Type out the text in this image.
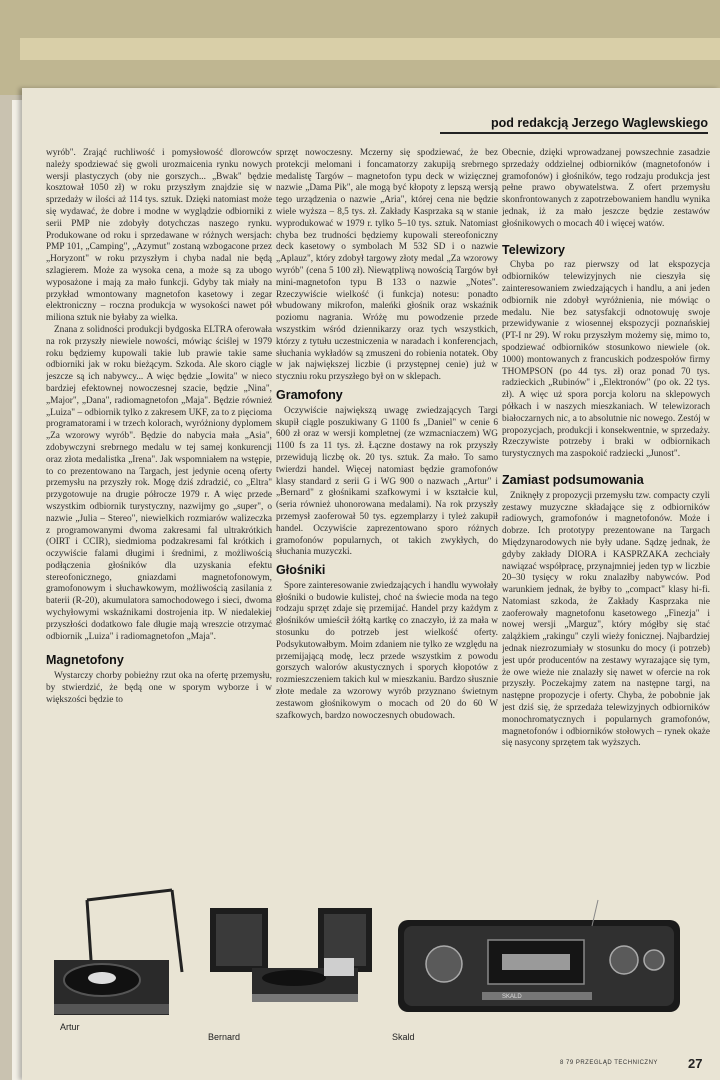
pod redakcją Jerzego Waglewskiego

wyrób". Zrająć ruchliwość i pomysłowość dlorowców należy spodziewać się gwoli urozmaicenia rynku nowych wersji plastyczych (oby nie gorszych... „Bwak" będzie kosztował 1050 zł) w roku przyszłym znajdzie się w sprzedaży w ilości aż 114 tys. sztuk. Dzięki natomiast może się wydawać, że dobre i modne w wyglądzie odbiorniki z serii PMP nie zdobyły dotychczas naszego rynku. Produkowane od roku i sprzedawane w różnych wersjach: PMP 101, „Camping", „Azymut" zostaną wzbogacone przez „Horyzont" w roku przyszłym i chyba nadal nie będą szlagierem. Może za wysoka cena, a może są za ubogo wyposażone i mają za mało funkcji. Gdyby tak miały na przykład wmontowany magnetofon kasetowy i zegar elektroniczny – roczna produkcja w wysokości nawet pół miliona sztuk nie byłaby za wielka.

Znana z solidności produkcji bydgoska ELTRA oferowała na rok przyszły niewiele nowości, mówiąc ściślej w 1979 roku będziemy kupowali takie lub prawie takie same odbiorniki jak w roku bieżącym. Szkoda. Ale skoro ciągle jeszcze są ich nabywcy... A więc będzie „Iowita" w nieco bardziej efektownej nowoczesnej szacie, będzie „Nina", „Major", „Dana", radiomagnetofon „Maja". Będzie również „Luiza" – odbiornik tylko z zakresem UKF, za to z pięcioma programatorami i w trzech kolorach, wyróżniony dyplomem „Za wzorowy wyrób". Będzie do nabycia mała „Asia", zdobywczyni srebrnego medalu w tej samej konkurencji oraz złota medalistka „Irena". Jak wspomniałem na wstępie, to co prezentowano na Targach, jest jedynie oceną oferty przemysłu na przyszły rok. Mogę dziś zdradzić, co „Eltra" przygotowuje na drugie półrocze 1979 r. A więc przede wszystkim odbiornik turystyczny, nazwijmy go „super", o nazwie „Julia – Stereo", niewielkich rozmiarów walizeczka z programowanymi dwoma zakresami fal ultrakrótkich (OIRT i CCIR), siedmioma podzakresami fal krótkich i oczywiście falami długimi i średnimi, z możliwością podłączenia głośników dla uzyskania efektu stereofonicznego, gniazdami magnetofonowym, gramofonowym i słuchawkowym, możliwością zasilania z baterii (R-20), akumulatora samochodowego i sieci, dwoma wychyłowymi wskaźnikami dostrojenia itp. W niedalekiej przyszłości dodatkowo fale długie mają wreszcie otrzymać odbiornik „Luiza" i radiomagnetofon „Maja".

Magnetofony

Wystarczy chorby pobieżny rzut oka na ofertę przemysłu, by stwierdzić, że będą one w sporym wyborze i w większości będzie to

sprzęt nowoczesny. Mczerny się spodziewać, że bez protekcji melomani i foncamatorzy zakupiją srebrnego medalistę Targów – magnetofon typu deck w wizięcznej nazwie „Dama Pik", ale mogą być kłopoty z lepszą wersją tego urządzenia o nazwie „Aria", której cena nie będzie wiele wyższa – 8,5 tys. zł. Zakłady Kasprzaka są w stanie wyprodukować w 1979 r. tylko 5–10 tys. sztuk. Natomiast chyba bez trudności będziemy kupowali stereofoniczny deck kasetowy o symbolach M 532 SD i o nazwie „Aplauz", który zdobył targowy złoty medal „Za wzorowy wyrób" (cena 5 100 zł). Niewątpliwą nowością Targów był mini-magnetofon typu B 133 o nazwie „Notes". Rzeczywiście wielkość (i funkcja) notesu: ponadto wbudowany mikrofon, maleńki głośnik oraz wskaźnik poziomu nagrania. Wróżę mu powodzenie przede wszystkim wśród dziennikarzy oraz tych wszystkich, którzy z tytułu uczestniczenia w naradach i konferencjach, słuchania wykładów są zmuszeni do robienia notatek. Oby w jak największej liczbie (i przystępnej cenie) już w styczniu roku przyszłego był on w sklepach.

Gramofony

Oczywiście największą uwagę zwiedzających Targi skupił ciągle poszukiwany G 1100 fs „Daniel" w cenie 6 600 zł oraz w wersji kompletnej (ze wzmacniaczem) WG 1100 fs za 11 tys. zł. Łączne dostawy na rok przyszły przewidują liczbę ok. 20 tys. sztuk. Za mało. To samo twierdzi handel. Więcej natomiast będzie gramofonów klasy standard z serii G i WG 900 o nazwach „Artur" i „Bernard" z głośnikami szafkowymi i w kształcie kul, (seria również uhonorowana medalami). Na rok przyszły przemysł zaoferował 50 tys. egzemplarzy i tyleż zakupił handel. Oczywiście zaprezentowano sporo różnych gramofonów popularnych, ot takich zwykłych, do słuchania muzyczki.

Głośniki

Spore zainteresowanie zwiedzających i handlu wywołały głośniki o budowie kulistej, choć na świecie moda na tego rodzaju sprzęt zdaje się przemijać. Handel przy każdym z głośników umieścił żółtą kartkę co znaczyło, iż za mała w stosunku do potrzeb jest wielkość oferty. Podsykutowałbym. Moim zdaniem nie tylko ze względu na przemijającą modę, lecz przede wszystkim z powodu gorszych walorów akustycznych i sporych kłopotów z rozmieszczeniem takich kul w mieszkaniu. Bardzo słusznie złote medale za wzorowy wyrób przyznano świetnym zestawom głośnikowym o mocach od 20 do 60 W szafkowych, bardzo nowoczesnych obudowach.

Obecnie, dzięki wprowadzanej powszechnie zasadzie sprzedaży oddzielnej odbiorników (magnetofonów i gramofonów) i głośników, tego rodzaju produkcja jest pełne prawo obywatelstwa. Z ofert przemysłu skonfrontowanych z zapotrzebowaniem handlu wynika jednak, iż za mało jeszcze będzie zestawów głośnikowych o mocach 40 i więcej watów.

Telewizory

Chyba po raz pierwszy od lat ekspozycja odbiorników telewizyjnych nie cieszyła się zainteresowaniem zwiedzających i handlu, a ani jeden odbiornik nie zdobył wyróżnienia, nie mówiąc o medalu. Nie bez satysfakcji odnotowuję swoje przewidywanie z wiosennej ekspozycji poznańskiej (PT-I nr 29). W roku przyszłym możemy się, mimo to, spodziewać odbiorników stosunkowo niewiele (ok. 1000) montowanych z francuskich podzespołów firmy THOMPSON (po 44 tys. zł) oraz ponad 70 tys. radzieckich „Rubinów" i „Elektronów" (po ok. 22 tys. zł). A więc uż spora porcja koloru na sklepowych półkach i w naszych mieszkaniach. W telewizorach białoczarnych nic, a to absolutnie nic nowego. Zestój w propozycjach, produkcji i konsekwentnie, w sprzedaży. Rzeczywiste potrzeby i braki w odbiornikach turystycznych ma zaspokoić radziecki „Junost".

Zamiast podsumowania

Zniknęły z propozycji przemysłu tzw. compacty czyli zestawy muzyczne składające się z odbiorników radiowych, gramofonów i magnetofonów. Może i dobrze. Ich prototypy prezentowane na Targach Międzynarodowych nie były udane. Sądzę jednak, że gdyby zakłady DIORA i KASPRZAKA zechciały nawiązać współpracę, przynajmniej jeden typ w liczbie 20–30 tysięcy w roku znalazłby nabywców. Pod warunkiem jednak, że byłby to „compact" klasy hi-fi. Natomiast szkoda, że Zakłady Kasprzaka nie zaoferowały magnetofonu kasetowego „Finezja" i nowej wersji „Marguz", który mógłby się stać zalążkiem „rakingu" czyli wieży fonicznej. Najbardziej jednak niezrozumiały w stosunku do mocy (i potrzeb) jest upór producentów na zestawy wyrazające się tym, że owe wieże nie znalazły się nawet w ofercie na rok przyszły. Poczekajmy zatem na następne targi, na następne propozycje i oferty. Chyba, że pobobnie jak jest dziś się, że sprzedaża telewizyjnych odbiorników monochromatycznych i popularnych gramofonów, magnetofonów i odbiorników stołowych – rynek okaże się nasycony sprzętem tak wyższych.

SKALD
Artur
Bernard	Skald
8 79 PRZEGLĄD TECHNICZNY 27
